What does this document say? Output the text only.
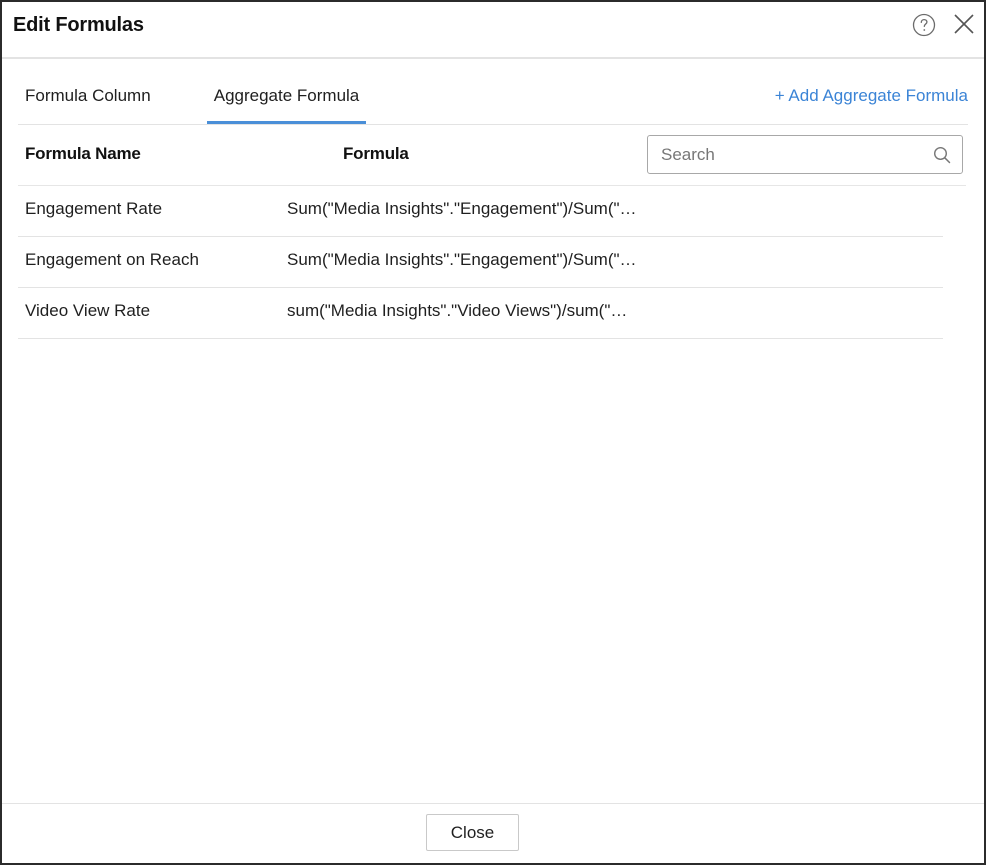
Edit Formulas
Formula Column	Aggregate Formula	+ Add Aggregate Formula
Formula Name	Formula
Search
Engagement Rate	Sum("Media Insights"."Engagement")/Sum("…
Engagement on Reach	Sum("Media Insights"."Engagement")/Sum("…
Video View Rate	sum("Media Insights"."Video Views")/sum("…
Close
